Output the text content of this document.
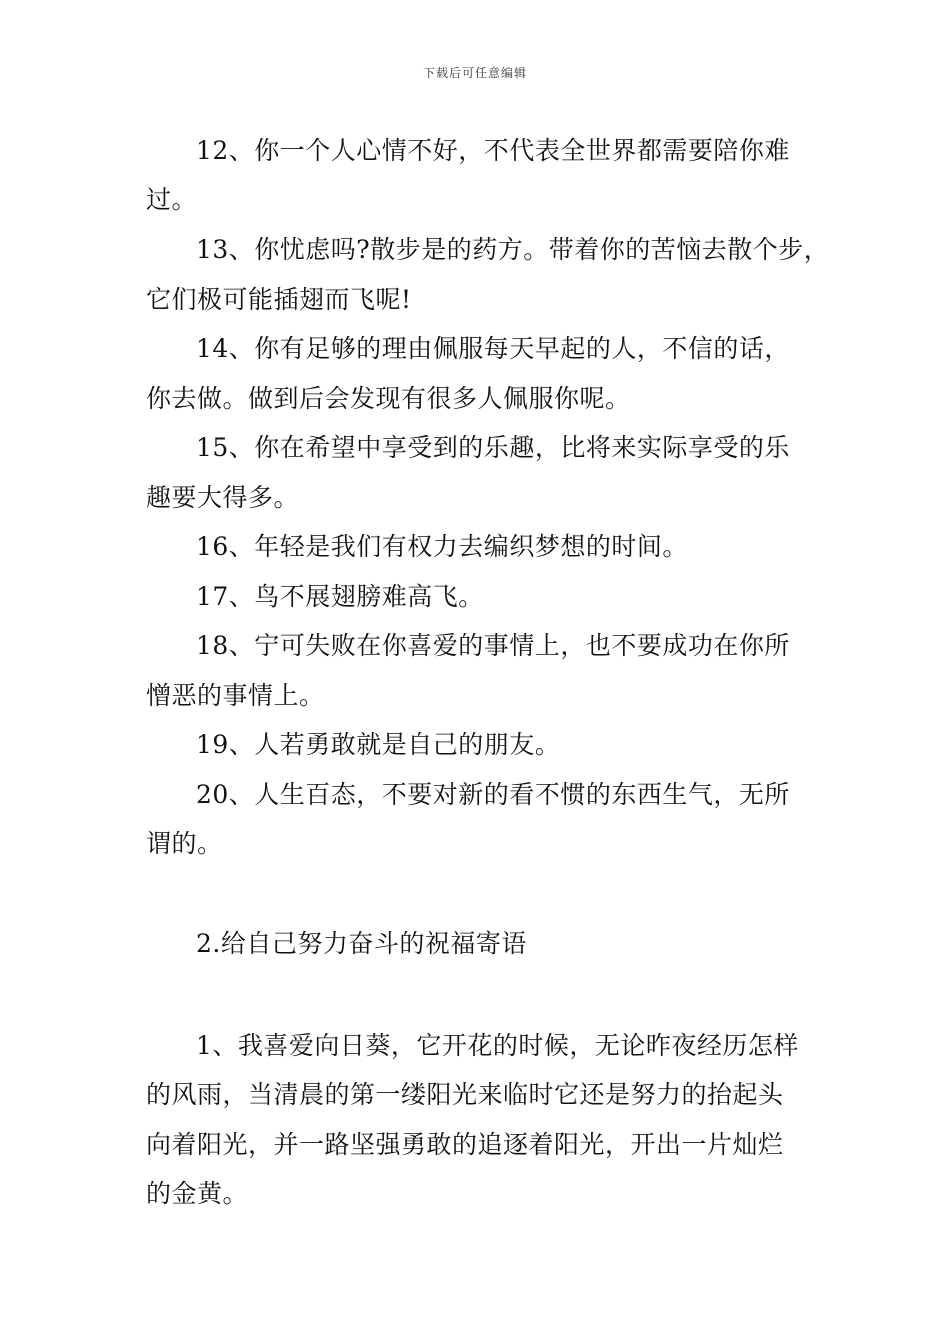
下载后可任意编辑
12、你一个人心情不好，不代表全世界都需要陪你难
过。
13、你忧虑吗?散步是的药方。带着你的苦恼去散个步，
它们极可能插翅而飞呢!
14、你有足够的理由佩服每天早起的人，不信的话，
你去做。做到后会发现有很多人佩服你呢。
15、你在希望中享受到的乐趣，比将来实际享受的乐
趣要大得多。
16、年轻是我们有权力去编织梦想的时间。
17、鸟不展翅膀难高飞。
18、宁可失败在你喜爱的事情上，也不要成功在你所
憎恶的事情上。
19、人若勇敢就是自己的朋友。
20、人生百态，不要对新的看不惯的东西生气，无所
谓的。
2.给自己努力奋斗的祝福寄语
1、我喜爱向日葵，它开花的时候，无论昨夜经历怎样
的风雨，当清晨的第一缕阳光来临时它还是努力的抬起头
向着阳光，并一路坚强勇敢的追逐着阳光，开出一片灿烂
的金黄。
